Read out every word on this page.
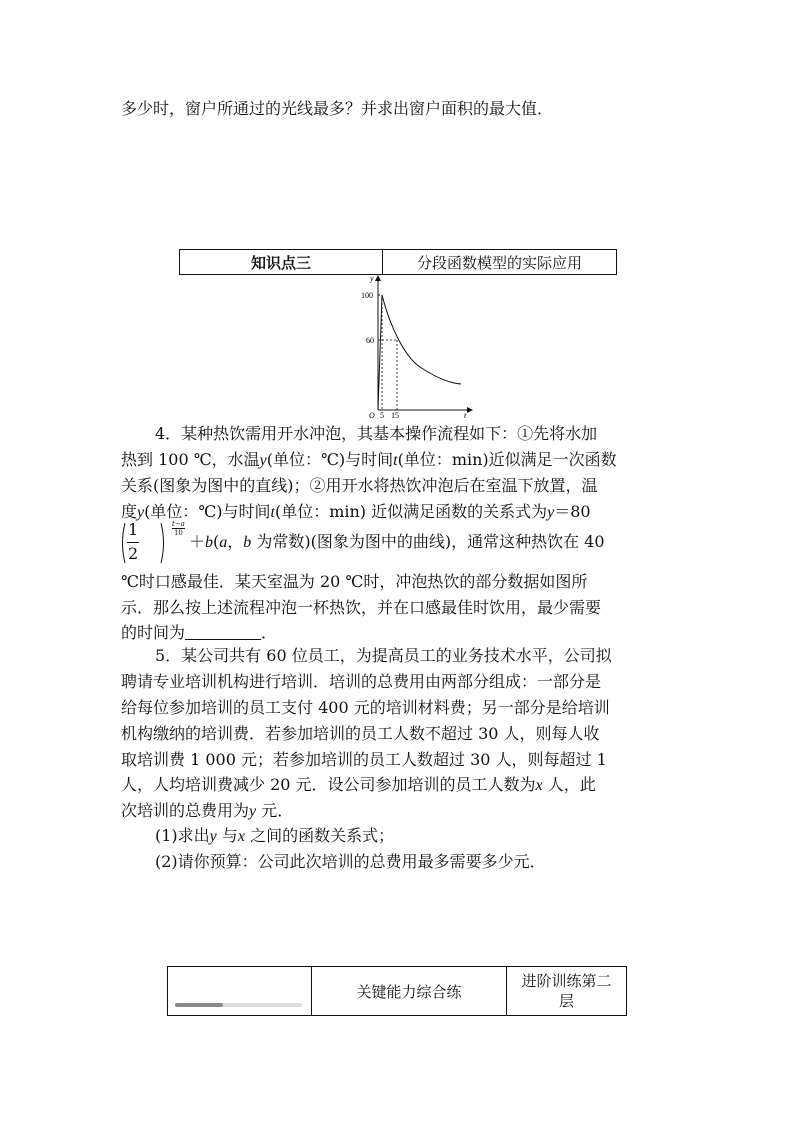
多少时，窗户所通过的光线最多？并求出窗户面积的最大值．
知识点三	分段函数模型的实际应用
y
t
O
100
60
5 15
4．某种热饮需用开水冲泡，其基本操作流程如下：①先将水加
热到 100 ℃，水温y(单位：℃)与时间t(单位：min)近似满足一次函数
关系(图象为图中的直线)；②用开水将热饮冲泡后在室温下放置，温
度y(单位：℃)与时间t(单位：min) 近似满足函数的关系式为y＝80
1
2
t−a
10 ＋b(a，b 为常数)(图象为图中的曲线)，通常这种热饮在 40
℃时口感最佳．某天室温为 20 ℃时，冲泡热饮的部分数据如图所
示．那么按上述流程冲泡一杯热饮，并在口感最佳时饮用，最少需要
的时间为	．
5．某公司共有 60 位员工，为提高员工的业务技术水平，公司拟
聘请专业培训机构进行培训．培训的总费用由两部分组成：一部分是
给每位参加培训的员工支付 400 元的培训材料费；另一部分是给培训
机构缴纳的培训费．若参加培训的员工人数不超过 30 人，则每人收
取培训费 1 000 元；若参加培训的员工人数超过 30 人，则每超过 1
人，人均培训费减少 20 元．设公司参加培训的员工人数为x 人，此
次培训的总费用为y 元．
(1)求出y 与x 之间的函数关系式；
(2)请你预算：公司此次培训的总费用最多需要多少元．
关键能力综合练
进阶训练第二层
